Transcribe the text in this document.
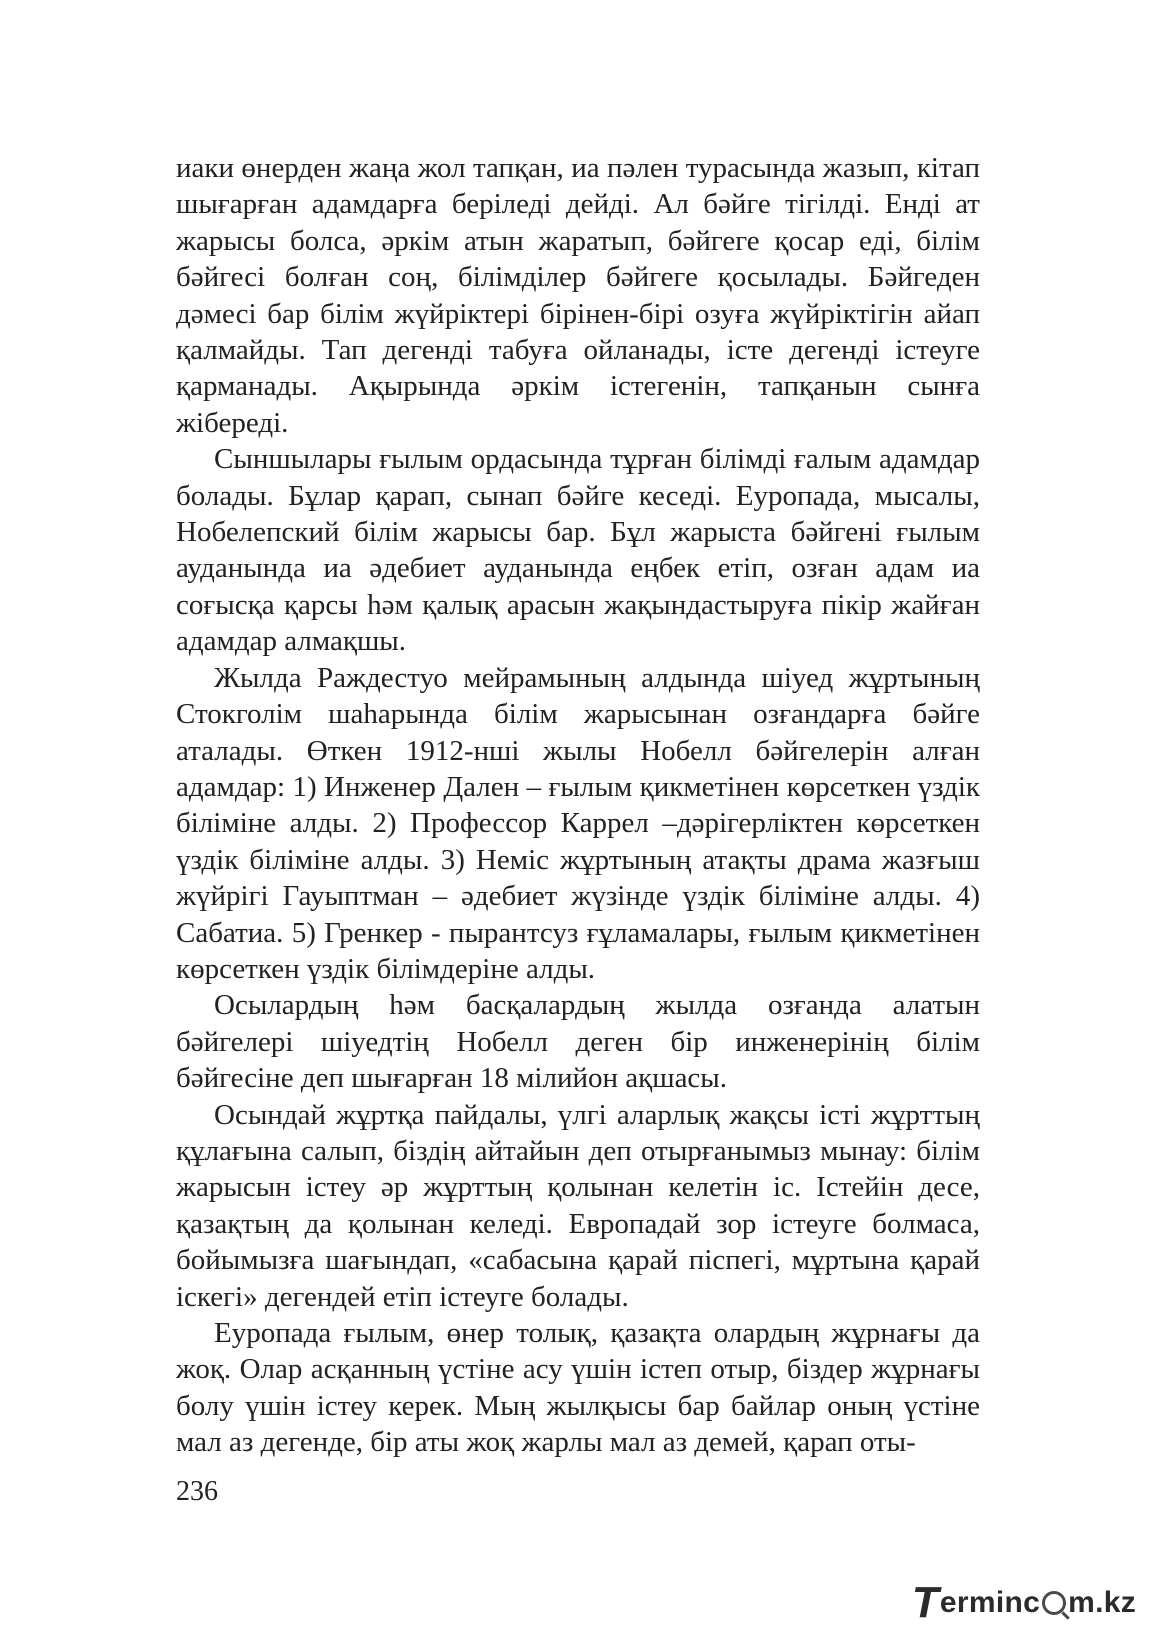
иаки өнерден жаңа жол тапқан, иа пәлен турасында жазып, кітап шығарған адамдарға беріледі дейді. Ал бәйге тігілді. Енді ат жарысы болса, әркім атын жаратып, бәйгеге қосар еді, білім бәйгесі болған соң, білімділер бәйгеге қосылады. Бәйгеден дәмесі бар білім жүйріктері бірінен-бірі озуға жүйріктігін айап қалмайды. Тап дегенді табуға ойланады, істе дегенді істеуге қарманады. Ақырында әркім істегенін, тапқанын сынға жібереді.

Сыншылары ғылым ордасында тұрған білімді ғалым адамдар болады. Бұлар қарап, сынап бәйге кеседі. Еуропада, мысалы, Нобелепский білім жарысы бар. Бұл жарыста бәйгені ғылым ауданында иа әдебиет ауданында еңбек етіп, озған адам иа соғысқа қарсы һәм қалық арасын жақындастыруға пікір жайған адамдар алмақшы.

Жылда Раждестуо мейрамының алдында шіуед жұртының Стокголім шаһарында білім жарысынан озғандарға бәйге аталады. Өткен 1912-нші жылы Нобелл бәйгелерін алған адамдар: 1) Инженер Дален – ғылым қикметінен көрсеткен үздік біліміне алды. 2) Профессор Каррел –дәрігерліктен көрсеткен үздік біліміне алды. 3) Неміс жұртының атақты драма жазғыш жүйрігі Гауыптман – әдебиет жүзінде үздік біліміне алды. 4) Сабатиа. 5) Гренкер - пырантсуз ғұламалары, ғылым қикметінен көрсеткен үздік білімдеріне алды.

Осылардың һәм басқалардың жылда озғанда алатын бәйгелері шіуедтің Нобелл деген бір инженерінің білім бәйгесіне деп шығарған 18 мілийон ақшасы.

Осындай жұртқа пайдалы, үлгі аларлық жақсы істі жұрттың құлағына салып, біздің айтайын деп отырғанымыз мынау: білім жарысын істеу әр жұрттың қолынан келетін іс. Істейін десе, қазақтың да қолынан келеді. Европадай зор істеуге болмаса, бойымызға шағындап, «сабасына қарай піспегі, мұртына қарай іскегі» дегендей етіп істеуге болады.

Еуропада ғылым, өнер толық, қазақта олардың жұрнағы да жоқ. Олар асқанның үстіне асу үшін істеп отыр, біздер жұрнағы болу үшін істеу керек. Мың жылқысы бар байлар оның үстіне мал аз дегенде, бір аты жоқ жарлы мал аз демей, қарап оты-

236
T erminc m.kz
